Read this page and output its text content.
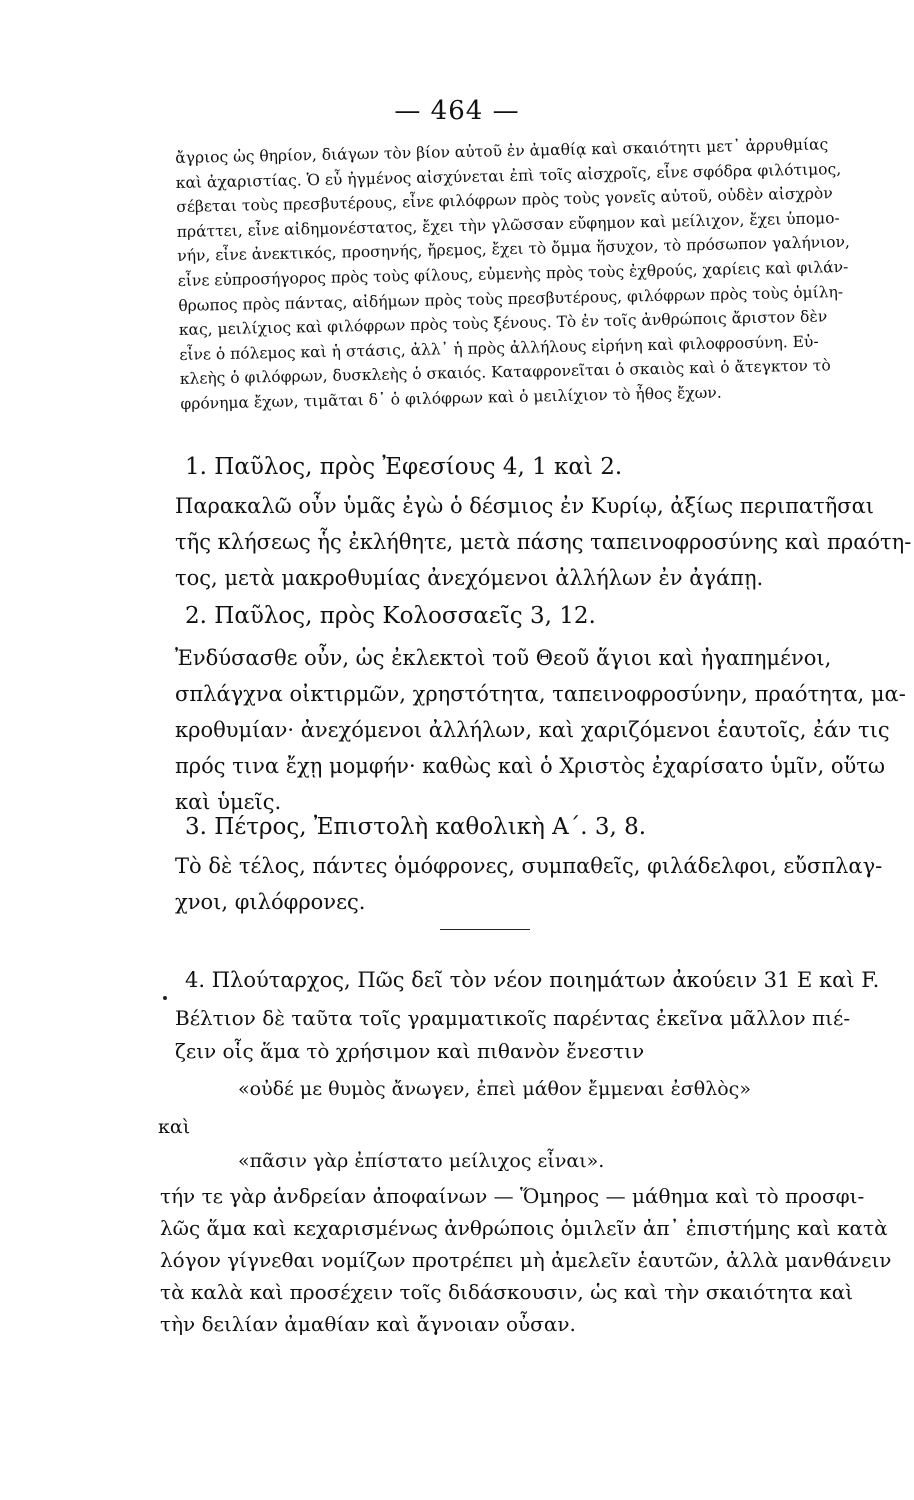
— 464 —
ἄγριος ὡς θηρίον, διάγων τὸν βίον αὐτοῦ ἐν ἀμαθίᾳ καὶ σκαιότητι μετ᾽ ἀρρυθμίας
καὶ ἀχαριστίας. Ὁ εὖ ἠγμένος αἰσχύνεται ἐπὶ τοῖς αἰσχροῖς, εἶνε σφόδρα φιλότιμος,
σέβεται τοὺς πρεσβυτέρους, εἶνε φιλόφρων πρὸς τοὺς γονεῖς αὐτοῦ, οὐδὲν αἰσχρὸν
πράττει, εἶνε αἰδημονέστατος, ἔχει τὴν γλῶσσαν εὔφημον καὶ μείλιχον, ἔχει ὑπομο-
νήν, εἶνε ἀνεκτικός, προσηνής, ἤρεμος, ἔχει τὸ ὄμμα ἥσυχον, τὸ πρόσωπον γαλήνιον,
εἶνε εὐπροσήγορος πρὸς τοὺς φίλους, εὐμενὴς πρὸς τοὺς ἐχθρούς, χαρίεις καὶ φιλάν-
θρωπος πρὸς πάντας, αἰδήμων πρὸς τοὺς πρεσβυτέρους, φιλόφρων πρὸς τοὺς ὁμίλη-
κας, μειλίχιος καὶ φιλόφρων πρὸς τοὺς ξένους. Τὸ ἐν τοῖς ἀνθρώποις ἄριστον δὲν
εἶνε ὁ πόλεμος καὶ ἡ στάσις, ἀλλ᾽ ἡ πρὸς ἀλλήλους εἰρήνη καὶ φιλοφροσύνη. Εὐ-
κλεὴς ὁ φιλόφρων, δυσκλεὴς ὁ σκαιός. Καταφρονεῖται ὁ σκαιὸς καὶ ὁ ἄτεγκτον τὸ
φρόνημα ἔχων, τιμᾶται δ᾽ ὁ φιλόφρων καὶ ὁ μειλίχιον τὸ ἦθος ἔχων.
1. Παῦλος, πρὸς Ἐφεσίους 4, 1 καὶ 2.
Παρακαλῶ οὖν ὑμᾶς ἐγὼ ὁ δέσμιος ἐν Κυρίῳ, ἀξίως περιπατῆσαι
τῆς κλήσεως ἧς ἐκλήθητε, μετὰ πάσης ταπεινοφροσύνης καὶ πραότη-
τος, μετὰ μακροθυμίας ἀνεχόμενοι ἀλλήλων ἐν ἀγάπῃ.
2. Παῦλος, πρὸς Κολοσσαεῖς 3, 12.
Ἐνδύσασθε οὖν, ὡς ἐκλεκτοὶ τοῦ Θεοῦ ἅγιοι καὶ ἠγαπημένοι,
σπλάγχνα οἰκτιρμῶν, χρηστότητα, ταπεινοφροσύνην, πραότητα, μα-
κροθυμίαν· ἀνεχόμενοι ἀλλήλων, καὶ χαριζόμενοι ἑαυτοῖς, ἐάν τις
πρός τινα ἔχῃ μομφήν· καθὼς καὶ ὁ Χριστὸς ἐχαρίσατο ὑμῖν, οὕτω
καὶ ὑμεῖς.
3. Πέτρος, Ἐπιστολὴ καθολικὴ Α΄. 3, 8.
Τὸ δὲ τέλος, πάντες ὁμόφρονες, συμπαθεῖς, φιλάδελφοι, εὔσπλαγ-
χνοι, φιλόφρονες.
4. Πλούταρχος, Πῶς δεῖ τὸν νέον ποιημάτων ἀκούειν 31 Ε καὶ F.
Βέλτιον δὲ ταῦτα τοῖς γραμματικοῖς παρέντας ἐκεῖνα μᾶλλον πιέ-
ζειν οἷς ἅμα τὸ χρήσιμον καὶ πιθανὸν ἔνεστιν
«οὐδέ με θυμὸς ἄνωγεν, ἐπεὶ μάθον ἔμμεναι ἐσθλὸς»
καὶ
«πᾶσιν γὰρ ἐπίστατο μείλιχος εἶναι».
τήν τε γὰρ ἀνδρείαν ἀποφαίνων — Ὅμηρος — μάθημα καὶ τὸ προσφι-
λῶς ἅμα καὶ κεχαρισμένως ἀνθρώποις ὁμιλεῖν ἀπ᾽ ἐπιστήμης καὶ κατὰ
λόγον γίγνεθαι νομίζων προτρέπει μὴ ἀμελεῖν ἑαυτῶν, ἀλλὰ μανθάνειν
τὰ καλὰ καὶ προσέχειν τοῖς διδάσκουσιν, ὡς καὶ τὴν σκαιότητα καὶ
τὴν δειλίαν ἀμαθίαν καὶ ἄγνοιαν οὖσαν.
